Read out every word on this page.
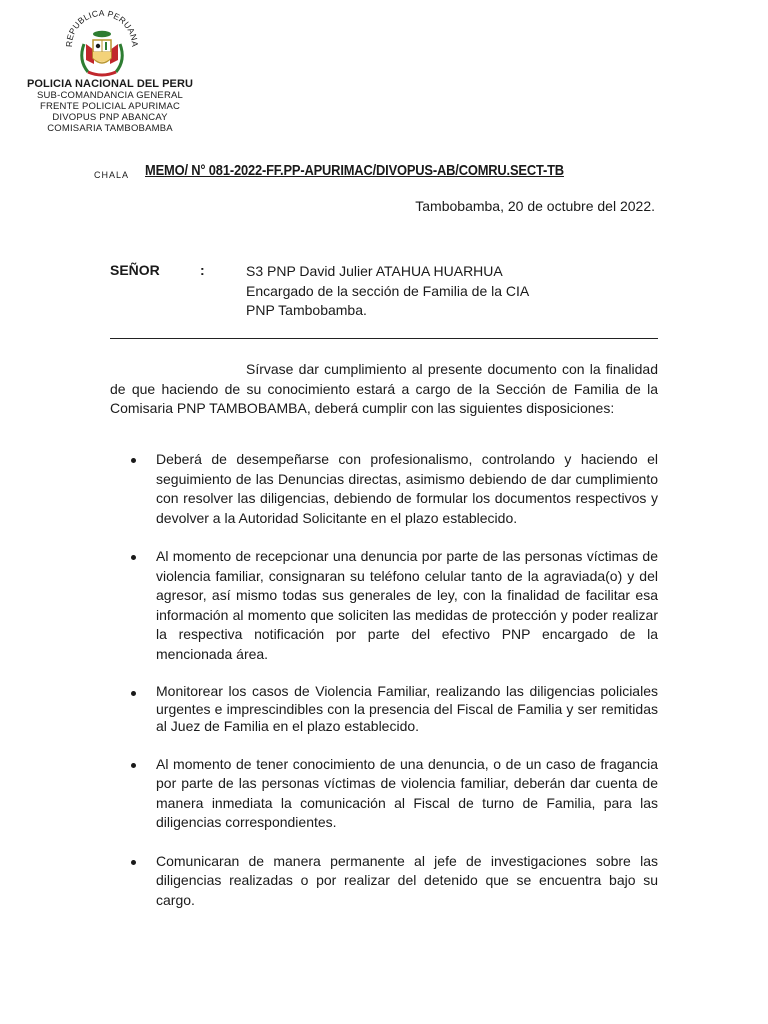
REPUBLICA PERUANA
POLICIA NACIONAL DEL PERU
SUB-COMANDANCIA GENERAL
FRENTE POLICIAL APURIMAC
DIVOPUS PNP ABANCAY
COMISARIA TAMBOBAMBA
CHALA MEMO/ N° 081-2022-FF.PP-APURIMAC/DIVOPUS-AB/COMRU.SECT-TB
Tambobamba, 20 de octubre del 2022.
SEÑOR	:	S3 PNP David Julier ATAHUA HUARHUA
Encargado de la sección de Familia de la CIA
PNP Tambobamba.

Sírvase dar cumplimiento al presente documento con la finalidad de que haciendo de su conocimiento estará a cargo de la Sección de Familia de la Comisaria PNP TAMBOBAMBA, deberá cumplir con las siguientes disposiciones:

Deberá de desempeñarse con profesionalismo, controlando y haciendo el seguimiento de las Denuncias directas, asimismo debiendo de dar cumplimiento con resolver las diligencias, debiendo de formular los documentos respectivos y devolver a la Autoridad Solicitante en el plazo establecido.
Al momento de recepcionar una denuncia por parte de las personas víctimas de violencia familiar, consignaran su teléfono celular tanto de la agraviada(o) y del agresor, así mismo todas sus generales de ley, con la finalidad de facilitar esa información al momento que soliciten las medidas de protección y poder realizar la respectiva notificación por parte del efectivo PNP encargado de la mencionada área.
Monitorear los casos de Violencia Familiar, realizando las diligencias policiales urgentes e imprescindibles con la presencia del Fiscal de Familia y ser remitidas al Juez de Familia en el plazo establecido.
Al momento de tener conocimiento de una denuncia, o de un caso de fragancia por parte de las personas víctimas de violencia familiar, deberán dar cuenta de manera inmediata la comunicación al Fiscal de turno de Familia, para las diligencias correspondientes.
Comunicaran de manera permanente al jefe de investigaciones sobre las diligencias realizadas o por realizar del detenido que se encuentra bajo su cargo.
